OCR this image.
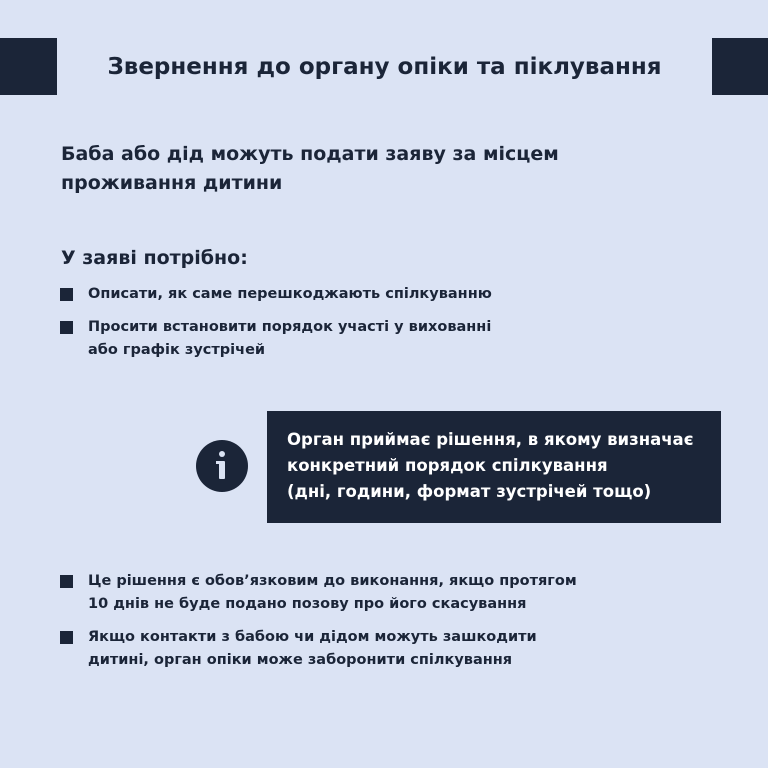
Звернення до органу опіки та піклування
Баба або дід можуть подати заяву за місцем проживання дитини
У заяві потрібно:
Описати, як саме перешкоджають спілкуванню
Просити встановити порядок участі у вихованні
або графік зустрічей
Орган приймає рішення, в якому визначає
конкретний порядок спілкування
(дні, години, формат зустрічей тощо)
Це рішення є обов’язковим до виконання, якщо протягом
10 днів не буде подано позову про його скасування
Якщо контакти з бабою чи дідом можуть зашкодити
дитині, орган опіки може заборонити спілкування
